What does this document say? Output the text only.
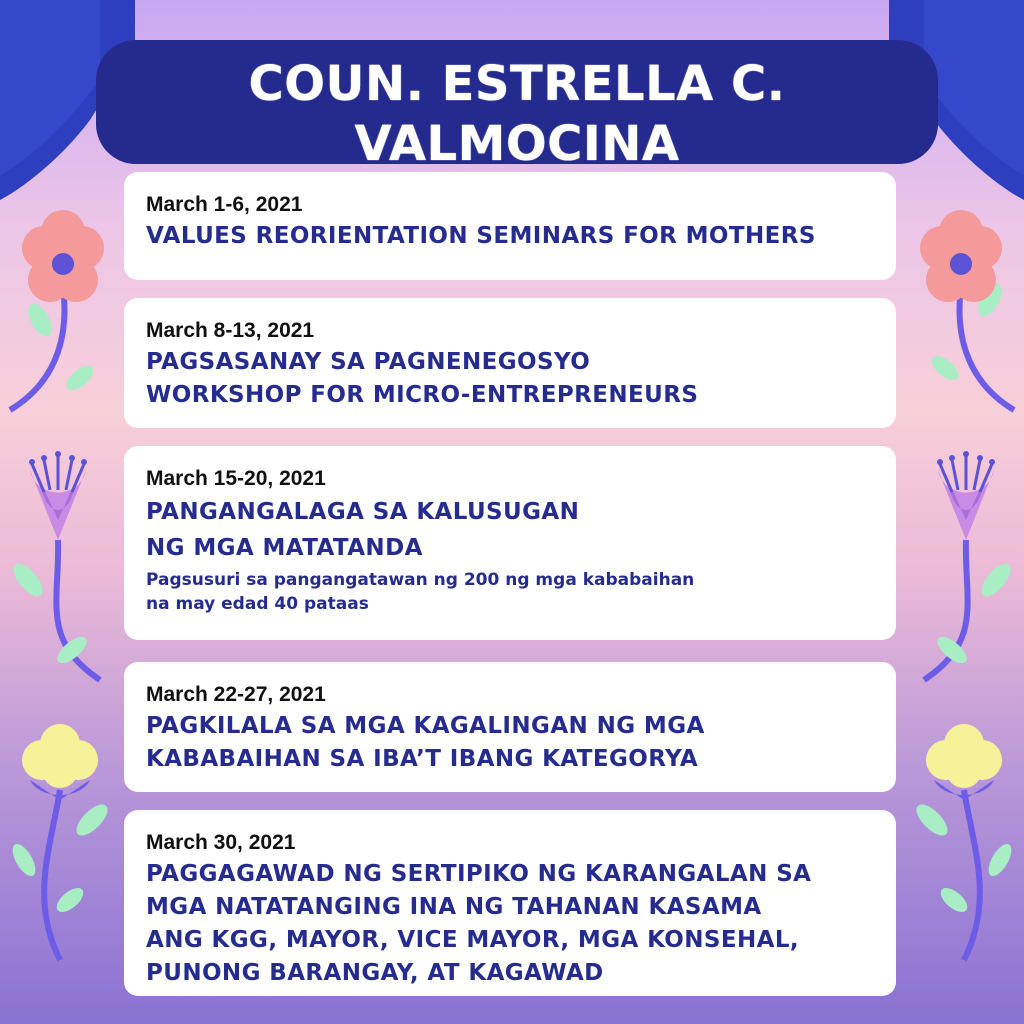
COUN. ESTRELLA C. VALMOCINA
March 1-6, 2021
VALUES REORIENTATION SEMINARS FOR MOTHERS
March 8-13, 2021
PAGSASANAY SA PAGNENEGOSYO
WORKSHOP FOR MICRO-ENTREPRENEURS
March 15-20, 2021
PANGANGALAGA SA KALUSUGAN
NG MGA MATATANDA
Pagsusuri sa pangangatawan ng 200 ng mga kababaihan
na may edad 40 pataas
March 22-27, 2021
PAGKILALA SA MGA KAGALINGAN NG MGA
KABABAIHAN SA IBA’T IBANG KATEGORYA
March 30, 2021
PAGGAGAWAD NG SERTIPIKO NG KARANGALAN SA
MGA NATATANGING INA NG TAHANAN KASAMA
ANG KGG, MAYOR, VICE MAYOR, MGA KONSEHAL,
PUNONG BARANGAY, AT KAGAWAD
